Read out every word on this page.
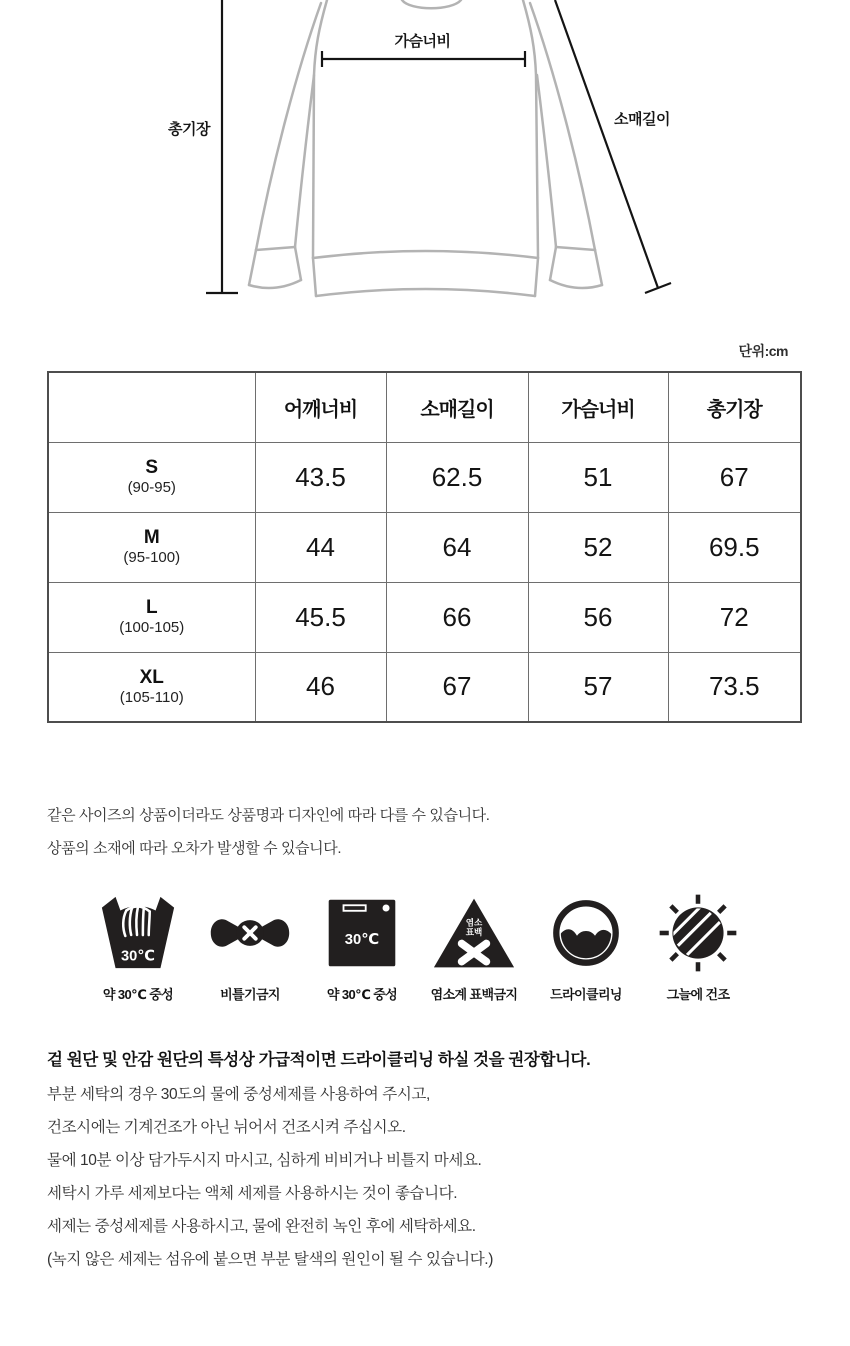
가슴너비
총기장
소매길이
단위:cm
	어깨너비	소매길이	가슴너비	총기장

S
(90-95)	43.5	62.5	51	67

M
(95-100)	44	64	52	69.5

L
(100-105)	45.5	66	56	72

XL
(105-110)	46	67	57	73.5
같은 사이즈의 상품이더라도 상품명과 디자인에 따라 다를 수 있습니다.
상품의 소재에 따라 오차가 발생할 수 있습니다.
30℃
약 30℃ 중성	비틀기금지
30℃
약 30℃ 중성
염소
표백
염소계 표백금지	드라이클리닝	그늘에 건조
겉 원단 및 안감 원단의 특성상 가급적이면 드라이클리닝 하실 것을 권장합니다.
부분 세탁의 경우 30도의 물에 중성세제를 사용하여 주시고,
건조시에는 기계건조가 아닌 뉘어서 건조시켜 주십시오.
물에 10분 이상 담가두시지 마시고, 심하게 비비거나 비틀지 마세요.
세탁시 가루 세제보다는 액체 세제를 사용하시는 것이 좋습니다.
세제는 중성세제를 사용하시고, 물에 완전히 녹인 후에 세탁하세요.
(녹지 않은 세제는 섬유에 붙으면 부분 탈색의 원인이 될 수 있습니다.)
